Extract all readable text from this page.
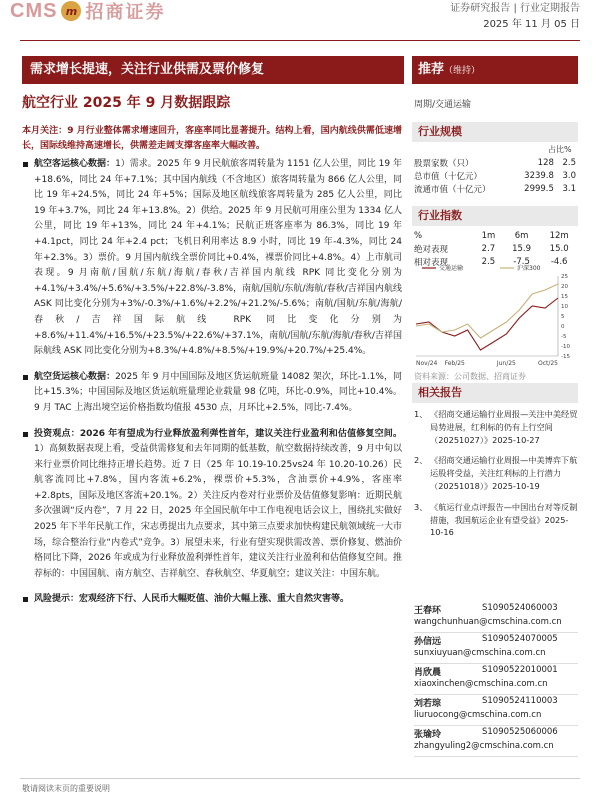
CMS m 招商证券	证券研究报告 | 行业定期报告
2025 年 11 月 05 日
需求增长提速，关注行业供需及票价修复	推荐（维持）
航空行业 2025 年 9 月数据跟踪	周期/交通运输
本月关注：9 月行业整体需求增速回升，客座率同比显著提升。结构上看，国内航线供需低速增长，国际线维持高速增长，供需差走阔支撑客座率大幅改善。
航空客运核心数据：1）需求。2025 年 9 月民航旅客周转量为 1151 亿人公里，同比 19 年+18.6%，同比 24 年+7.1%；其中国内航线（不含地区）旅客周转量为 866 亿人公里，同比 19 年+24.5%，同比 24 年+5%；国际及地区航线旅客周转量为 285 亿人公里，同比 19 年+3.7%，同比 24 年+13.8%。2）供给。2025 年 9 月民航可用座公里为 1334 亿人公里，同比 19 年+13%，同比 24 年+4.1%；民航正班客座率为 86.3%，同比 19 年+4.1pct，同比 24 年+2.4 pct；飞机日利用率达 8.9 小时，同比 19 年-4.3%，同比 24 年+2.3%。3）票价。9 月国内航线全票价同比+0.4%，裸票价同比+4.8%。4）上市航司表现。9 月南航/国航/东航/海航/春秋/吉祥国内航线 RPK 同比变化分别为+4.1%/+3.4%/+5.6%/+3.5%/+22.8%/-3.8%，南航/国航/东航/海航/春秋/吉祥国内航线 ASK 同比变化分别为+3%/-0.3%/+1.6%/+2.2%/+21.2%/-5.6%；南航/国航/东航/海航/春秋/吉祥国际航线 RPK 同比变化分别为+8.6%/+11.4%/+16.5%/+23.5%/+22.6%/+37.1%，南航/国航/东航/海航/春秋/吉祥国际航线 ASK 同比变化分别为+8.3%/+4.8%/+8.5%/+19.9%/+20.7%/+25.4%。
航空货运核心数据：2025 年 9 月中国国际及地区货运航班量 14082 架次，环比-1.1%，同比+15.3%；中国国际及地区货运航班量理论业载量 98 亿吨，环比-0.9%，同比+10.4%。9 月 TAC 上海出境空运价格指数均值报 4530 点，月环比+2.5%，同比-7.4%。
投资观点：2026 年有望成为行业释放盈利弹性首年，建议关注行业盈利和估值修复空间。1）高频数据表现上看，受益供需修复和去年同期的低基数，航空数据持续改善，9 月中旬以来行业票价同比维持正增长趋势。近 7 日（25 年 10.19-10.25vs24 年 10.20-10.26）民航客流同比+7.8%，国内客流+6.2%，裸票价+5.3%，含油票价+4.9%，客座率+2.8pts，国际及地区客流+20.1%。2）关注反内卷对行业票价及估值修复影响：近期民航多次强调“反内卷”，7 月 22 日，2025 年全国民航年中工作电视电话会议上，围绕扎实做好 2025 年下半年民航工作，宋志勇提出九点要求，其中第三点要求加快构建民航领域统一大市场，综合整治行业“内卷式”竞争。3）展望未来，行业有望实现供需改善、票价修复、燃油价格同比下降，2026 年或成为行业释放盈利弹性首年，建议关注行业盈利和估值修复空间。推荐标的：中国国航、南方航空、吉祥航空、春秋航空、华夏航空；建议关注：中国东航。
风险提示：宏观经济下行、人民币大幅贬值、油价大幅上涨、重大自然灾害等。
行业规模
占比%
股票家数（只）	128	2.5
总市值（十亿元）	3239.8	3.0
流通市值（十亿元）	2999.5	3.1
行业指数
%	1m	6m	12m
绝对表现	2.7	15.9	15.0
相对表现	2.5	-7.5	-4.6
-15
-10
-5
0
5
10
15
20
25
Nov/24 Feb/25	Jun/25	Oct/25
交通运输	沪深300
资料来源：公司数据、招商证券
相关报告
1、 《招商交通运输行业周报—关注中美经贸局势进展，红利标的仍有上行空间（20251027）》2025-10-27
2、 《招商交通运输行业周报—中美博弈下航运股将受益，关注红利标的上行潜力（20251018）》2025-10-19
3、 《航运行业点评报告—中国出台对等反制措施，我国航运企业有望受益》2025-10-16
王春环	S1090524060003
wangchunhuan@cmschina.com.cn
孙信远	S1090524070005
sunxiuyuan@cmschina.com.cn
肖欣晨	S1090522010001
xiaoxinchen@cmschina.com.cn
刘若琮	S1090524110003
liuruocong@cmschina.com.cn
张瑜玲	S1090525060006
zhangyuling2@cmschina.com.cn
敬请阅读末页的重要说明
